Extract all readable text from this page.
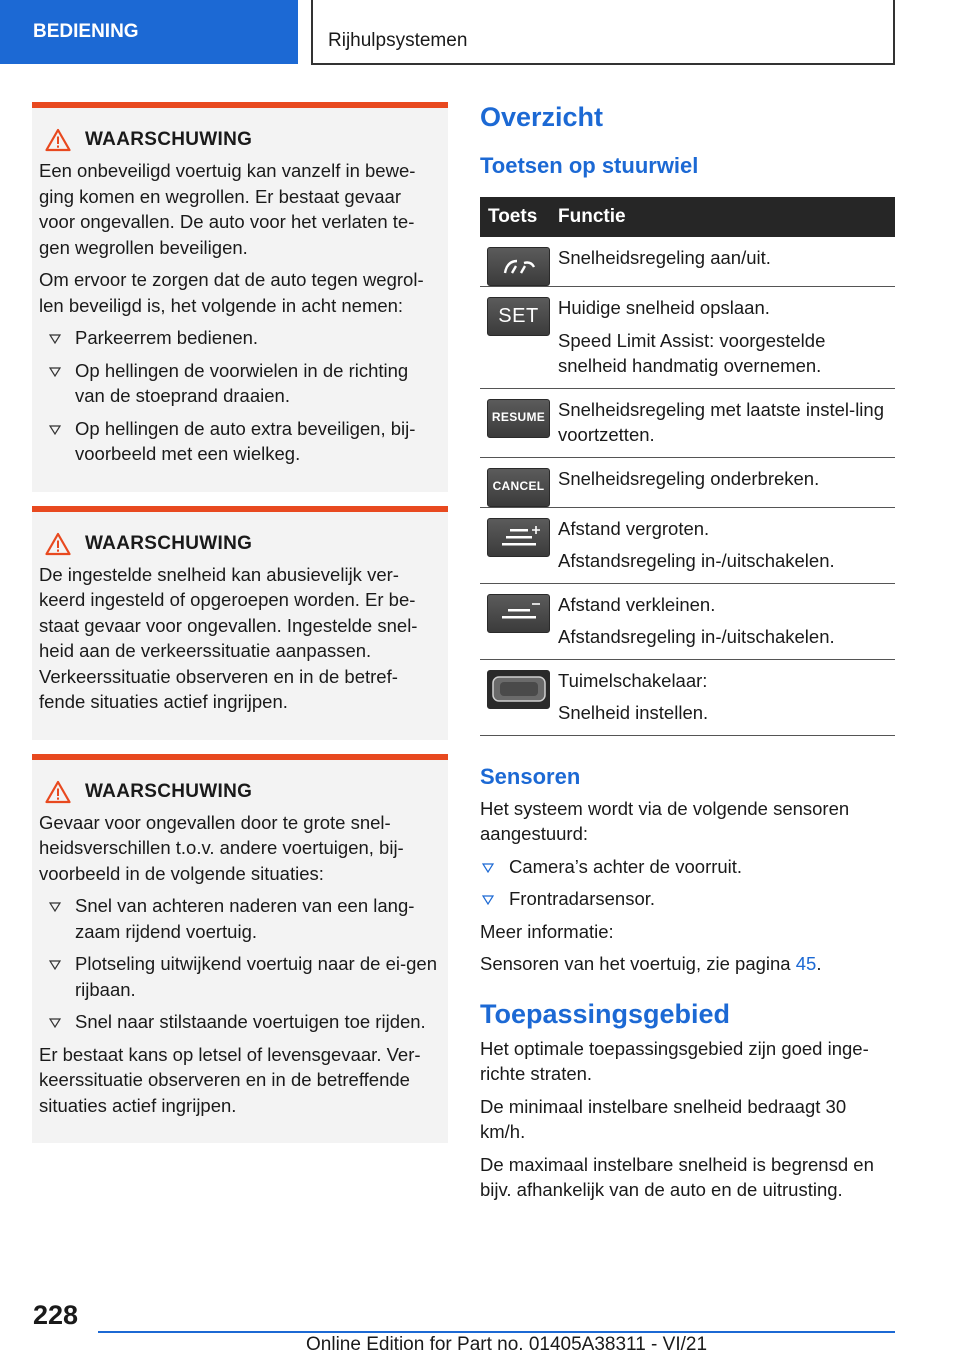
BEDIENING	Rijhulpsystemen
WAARSCHUWING

Een onbeveiligd voertuig kan vanzelf in bewe-ging komen en wegrollen. Er bestaat gevaar voor ongevallen. De auto voor het verlaten te-gen wegrollen beveiligen.

Om ervoor te zorgen dat de auto tegen wegrol-len beveiligd is, het volgende in acht nemen:

Parkeerrem bedienen.
Op hellingen de voorwielen in de richting van de stoeprand draaien.
Op hellingen de auto extra beveiligen, bij-voorbeeld met een wielkeg.
WAARSCHUWING

De ingestelde snelheid kan abusievelijk ver-keerd ingesteld of opgeroepen worden. Er be-staat gevaar voor ongevallen. Ingestelde snel-heid aan de verkeerssituatie aanpassen. Verkeerssituatie observeren en in de betref-fende situaties actief ingrijpen.

WAARSCHUWING

Gevaar voor ongevallen door te grote snel-heidsverschillen t.o.v. andere voertuigen, bij-voorbeeld in de volgende situaties:

Snel van achteren naderen van een lang-zaam rijdend voertuig.
Plotseling uitwijkend voertuig naar de ei-gen rijbaan.
Snel naar stilstaande voertuigen toe rijden.

Er bestaat kans op letsel of levensgevaar. Ver-keerssituatie observeren en in de betreffende situaties actief ingrijpen.

Overzicht
Toetsen op stuurwiel
Toets	Functie

Snelheidsregeling aan/uit.

SET	Huidige snelheid opslaan.
Speed Limit Assist: voorgestelde snelheid handmatig overnemen.

RESUME	Snelheidsregeling met laatste instel-ling voortzetten.

CANCEL	Snelheidsregeling onderbreken.

Afstand vergroten.
Afstandsregeling in-/uitschakelen.

Afstand verkleinen.
Afstandsregeling in-/uitschakelen.

Tuimelschakelaar:
Snelheid instellen.
Sensoren

Het systeem wordt via de volgende sensoren aangestuurd:

Camera’s achter de voorruit.
Frontradarsensor.

Meer informatie:

Sensoren van het voertuig, zie pagina 45.

Toepassingsgebied

Het optimale toepassingsgebied zijn goed inge-richte straten.

De minimaal instelbare snelheid bedraagt 30 km/h.

De maximaal instelbare snelheid is begrensd en bijv. afhankelijk van de auto en de uitrusting.

228
Online Edition for Part no. 01405A38311 - VI/21
